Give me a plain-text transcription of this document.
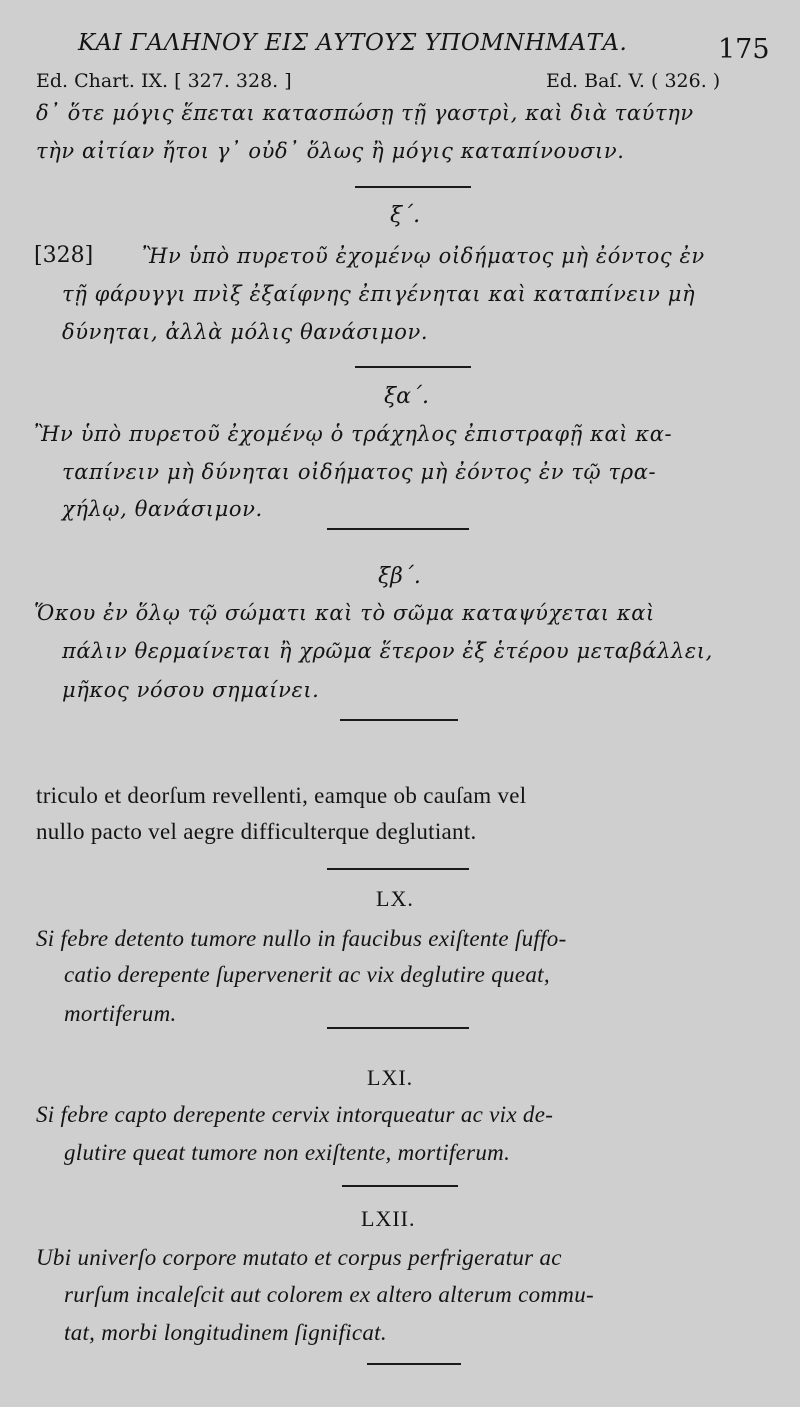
ΚΑΙ ΓΑΛΗΝΟΥ ΕΙΣ ΑΥΤΟΥΣ ΥΠΟΜΝΗΜΑΤΑ.	175
Ed. Chart. IX. [ 327. 328. ]	Ed. Baſ. V. ( 326. )
δ᾽ ὅτε μόγις ἕπεται κατασπώσῃ τῇ γαστρὶ, καὶ διὰ ταύτην
τὴν αἰτίαν ἤτοι γ᾽ οὐδ᾽ ὅλως ἢ μόγις καταπίνουσιν.
ξ΄.
[328] Ἢν ὑπὸ πυρετοῦ ἐχομένῳ οἰδήματος μὴ ἐόντος ἐν
τῇ φάρυγγι πνὶξ ἐξαίφνης ἐπιγένηται καὶ καταπίνειν μὴ
δύνηται, ἀλλὰ μόλις θανάσιμον.
ξα΄.
Ἢν ὑπὸ πυρετοῦ ἐχομένῳ ὁ τράχηλος ἐπιστραφῇ καὶ κα-
ταπίνειν μὴ δύνηται οἰδήματος μὴ ἐόντος ἐν τῷ τρα-
χήλῳ, θανάσιμον.
ξβ΄.
Ὅκου ἐν ὅλῳ τῷ σώματι καὶ τὸ σῶμα καταψύχεται καὶ
πάλιν θερμαίνεται ἢ χρῶμα ἕτερον ἐξ ἑτέρου μεταβάλλει,
μῆκος νόσου σημαίνει.
triculo et deorſum revellenti, eamque ob cauſam vel
nullo pacto vel aegre difficulterque deglutiant.
LX.
Si febre detento tumore nullo in faucibus exiſtente ſuffo-
catio derepente ſupervenerit ac vix deglutire queat,
mortiferum.
LXI.
Si febre capto derepente cervix intorqueatur ac vix de-
glutire queat tumore non exiſtente, mortiferum.
LXII.
Ubi univerſo corpore mutato et corpus perfrigeratur ac
rurſum incaleſcit aut colorem ex altero alterum commu-
tat, morbi longitudinem ſignificat.
